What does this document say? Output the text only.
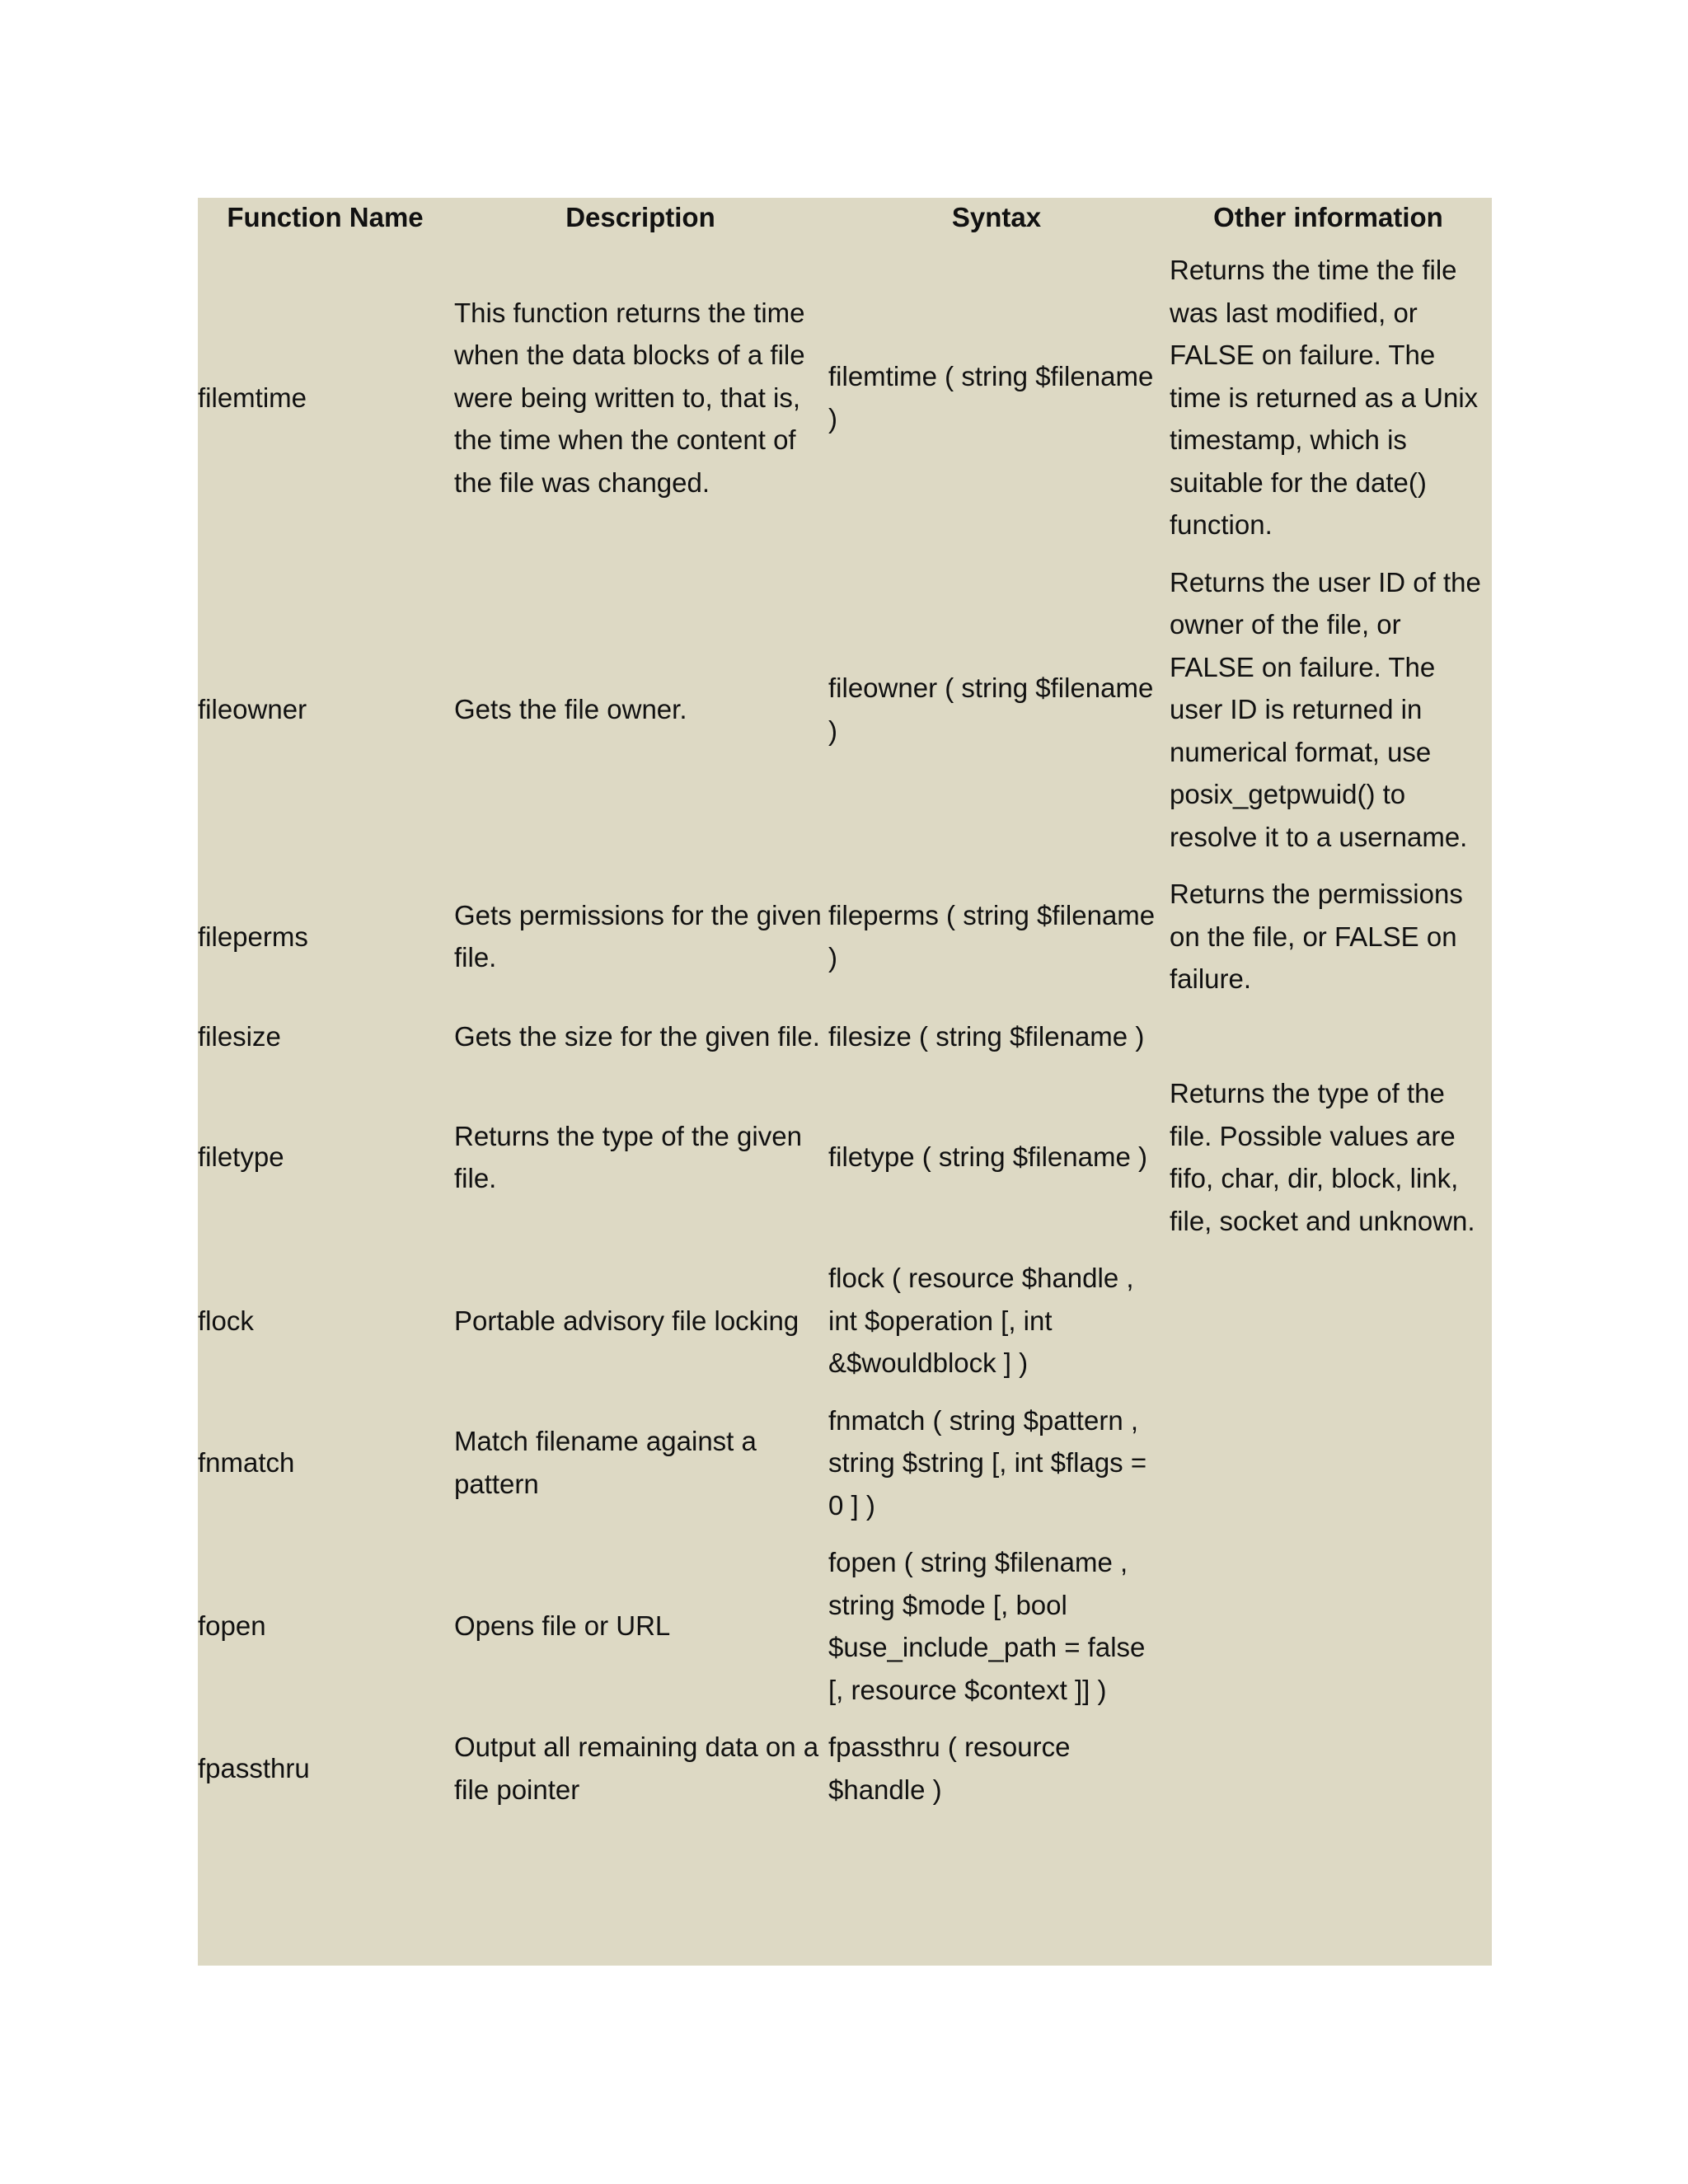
Function Name	Description	Syntax	Other information
filemtime	This function returns the time when the data blocks of a file were being written to, that is, the time when the content of the file was changed.	filemtime ( string $filename )	Returns the time the file was last modified, or FALSE on failure. The time is returned as a Unix timestamp, which is suitable for the date() function.
fileowner	Gets the file owner.	fileowner ( string $filename )	Returns the user ID of the owner of the file, or FALSE on failure. The user ID is returned in numerical format, use posix_getpwuid() to resolve it to a username.
fileperms	Gets permissions for the given file.	fileperms ( string $filename )	Returns the permissions on the file, or FALSE on failure.
filesize	Gets the size for the given file.	filesize ( string $filename )	
filetype	Returns the type of the given file.	filetype ( string $filename )	Returns the type of the file. Possible values are fifo, char, dir, block, link, file, socket and unknown.
flock	Portable advisory file locking	flock ( resource $handle , int $operation [, int &$wouldblock ] )	
fnmatch	Match filename against a pattern	fnmatch ( string $pattern , string $string [, int $flags = 0 ] )	
fopen	Opens file or URL	fopen ( string $filename , string $mode [, bool $use_include_path = false [, resource $context ]] )	
fpassthru	Output all remaining data on a file pointer	fpassthru ( resource $handle )	
